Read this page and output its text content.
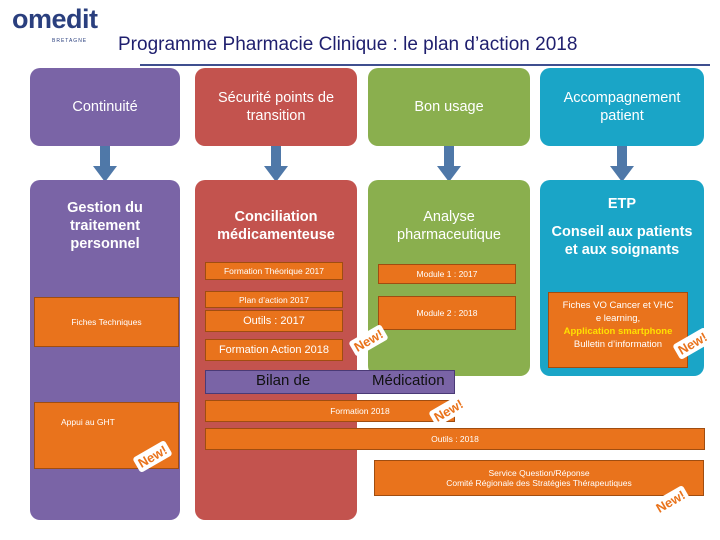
omedit
BRETAGNE Programme Pharmacie Clinique : le plan d’action 2018
Continuité
Sécurité points de transition
Bon usage
Accompagnement patient
Gestion du traitement personnel
Conciliation médicamenteuse
Analyse pharmaceutique
ETP
Conseil aux patients et aux soignants
Fiches Techniques
Appui au GHT
Formation Théorique 2017
Plan d’action 2017
Outils : 2017
Formation Action 2018
Module 1 : 2017
Module 2 : 2018
Fiches VO Cancer et VHC
e learning,
Application smartphone
Bulletin d’information
Bilan de	Médication
Formation 2018
Outils : 2018
Service Question/Réponse
Comité Régionale des Stratégies Thérapeutiques
New!	New!
New!
New!
New!
